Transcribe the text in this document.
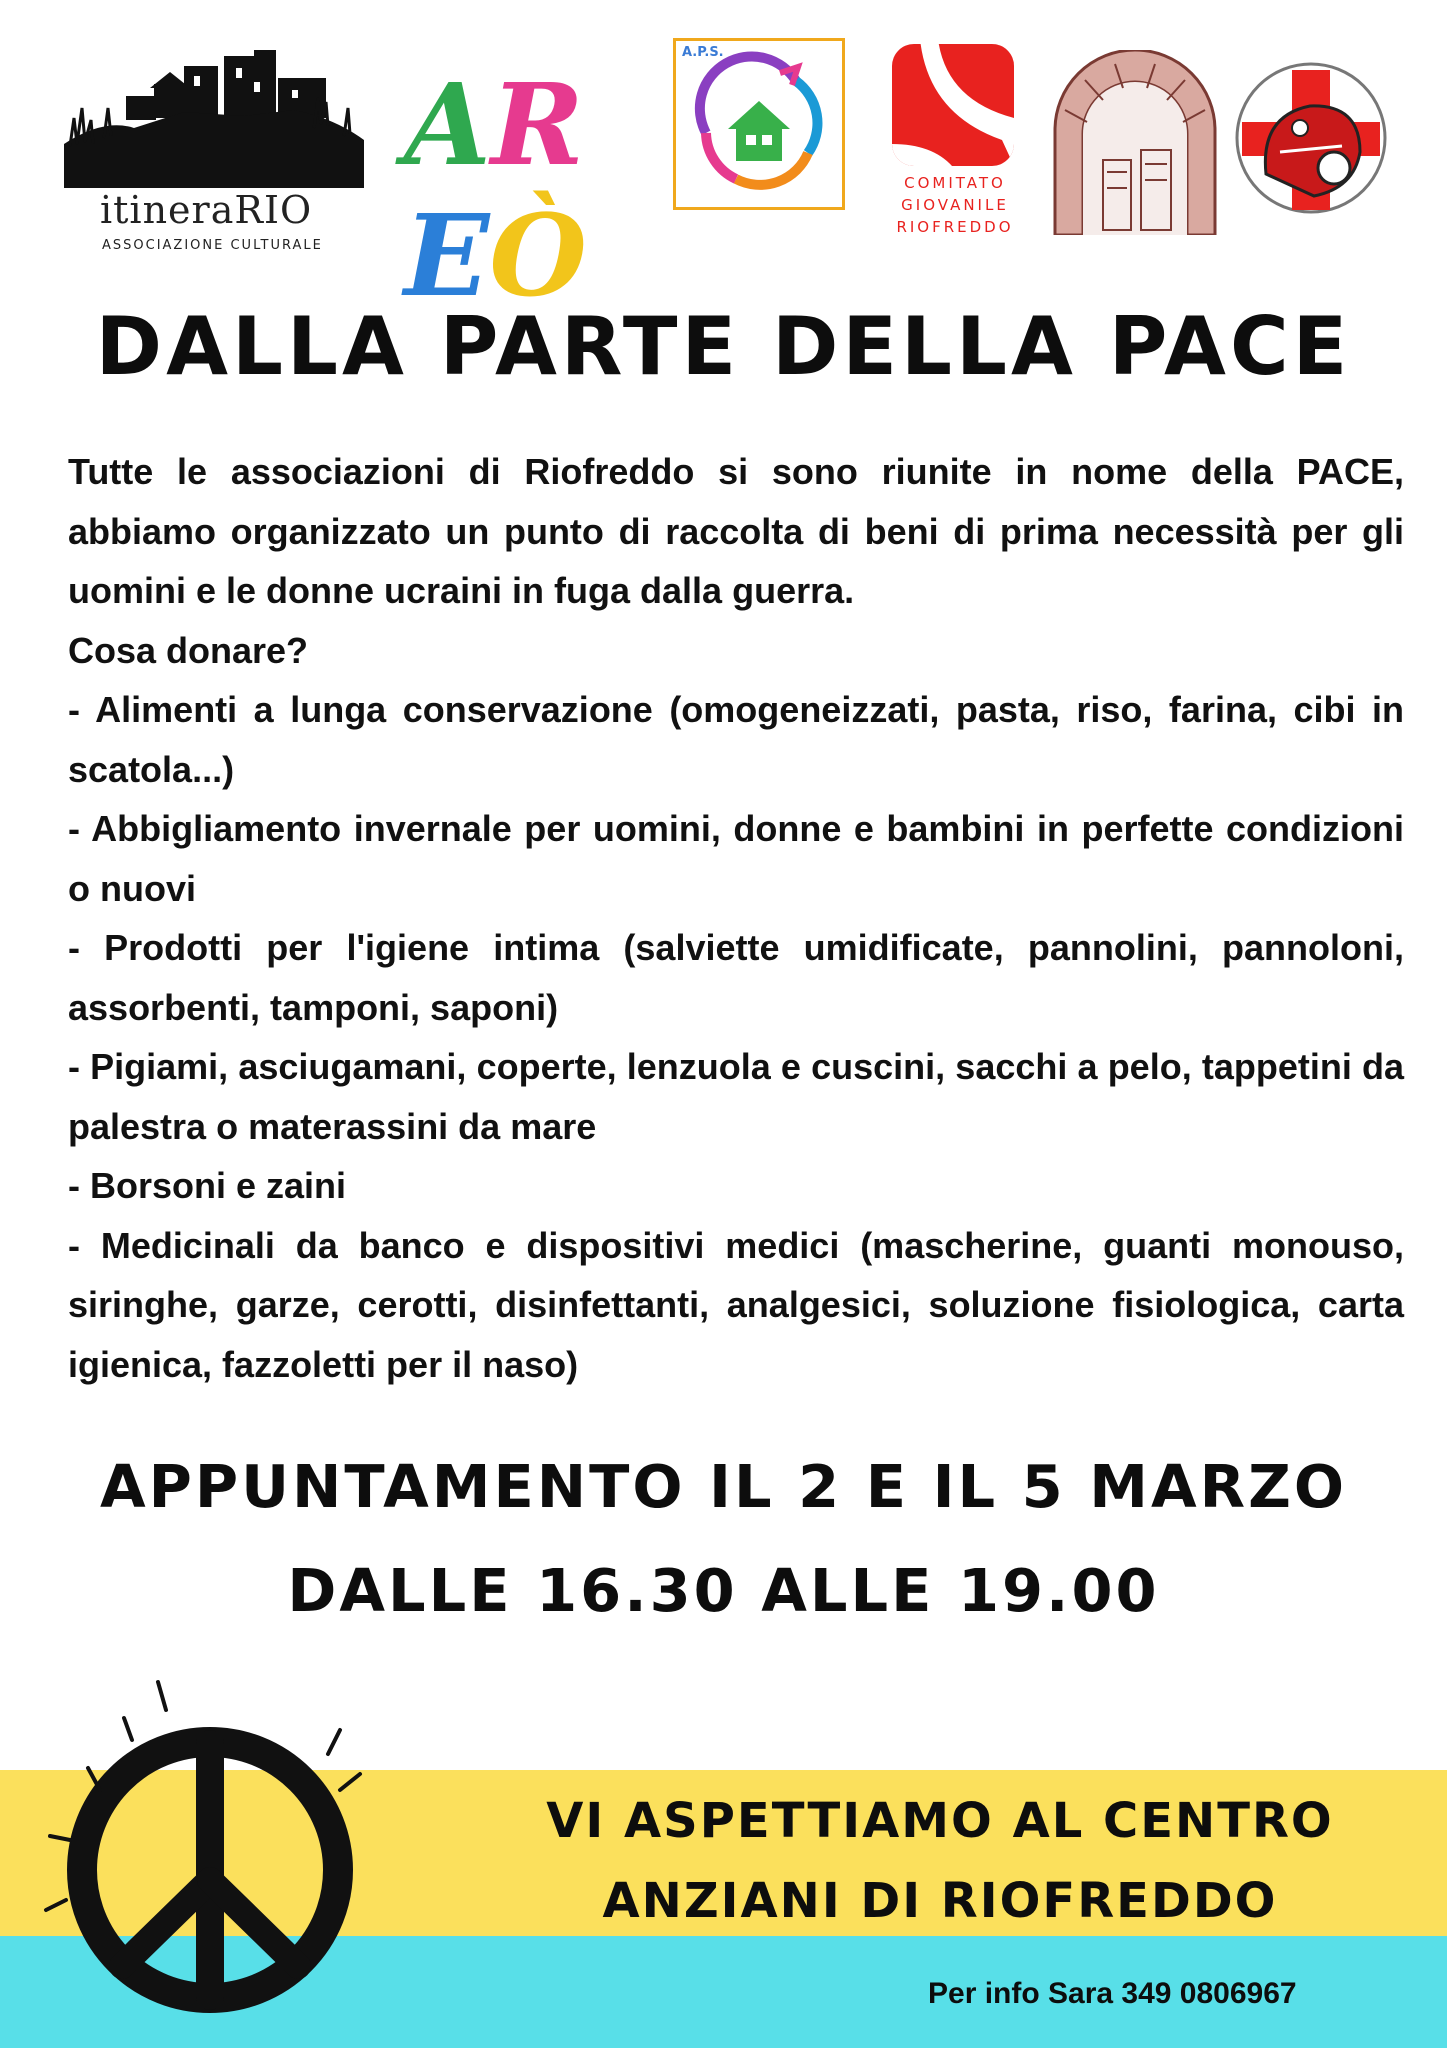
itineraRIO
ASSOCIAZIONE CULTURALE
AREÒ
A.P.S.
COMITATO
GIOVANILE
RIOFREDDO
DALLA PARTE DELLA PACE

Tutte le associazioni di Riofreddo si sono riunite in nome della PACE, abbiamo organizzato un punto di raccolta di beni di prima necessità per gli uomini e le donne ucraini in fuga dalla guerra.

Cosa donare?

- Alimenti a lunga conservazione (omogeneizzati, pasta, riso, farina, cibi in scatola...)

- Abbigliamento invernale per uomini, donne e bambini in perfette condizioni o nuovi

- Prodotti per l'igiene intima (salviette umidificate, pannolini, pannoloni, assorbenti, tamponi, saponi)

- Pigiami, asciugamani, coperte, lenzuola e cuscini, sacchi a pelo, tappetini da palestra o materassini da mare

- Borsoni e zaini

- Medicinali da banco e dispositivi medici (mascherine, guanti monouso, siringhe, garze, cerotti, disinfettanti, analgesici, soluzione fisiologica, carta igienica, fazzoletti per il naso)

APPUNTAMENTO IL 2 E IL 5 MARZO
DALLE 16.30 ALLE 19.00
VI ASPETTIAMO AL CENTRO
ANZIANI DI RIOFREDDO
Per info Sara 349 0806967
